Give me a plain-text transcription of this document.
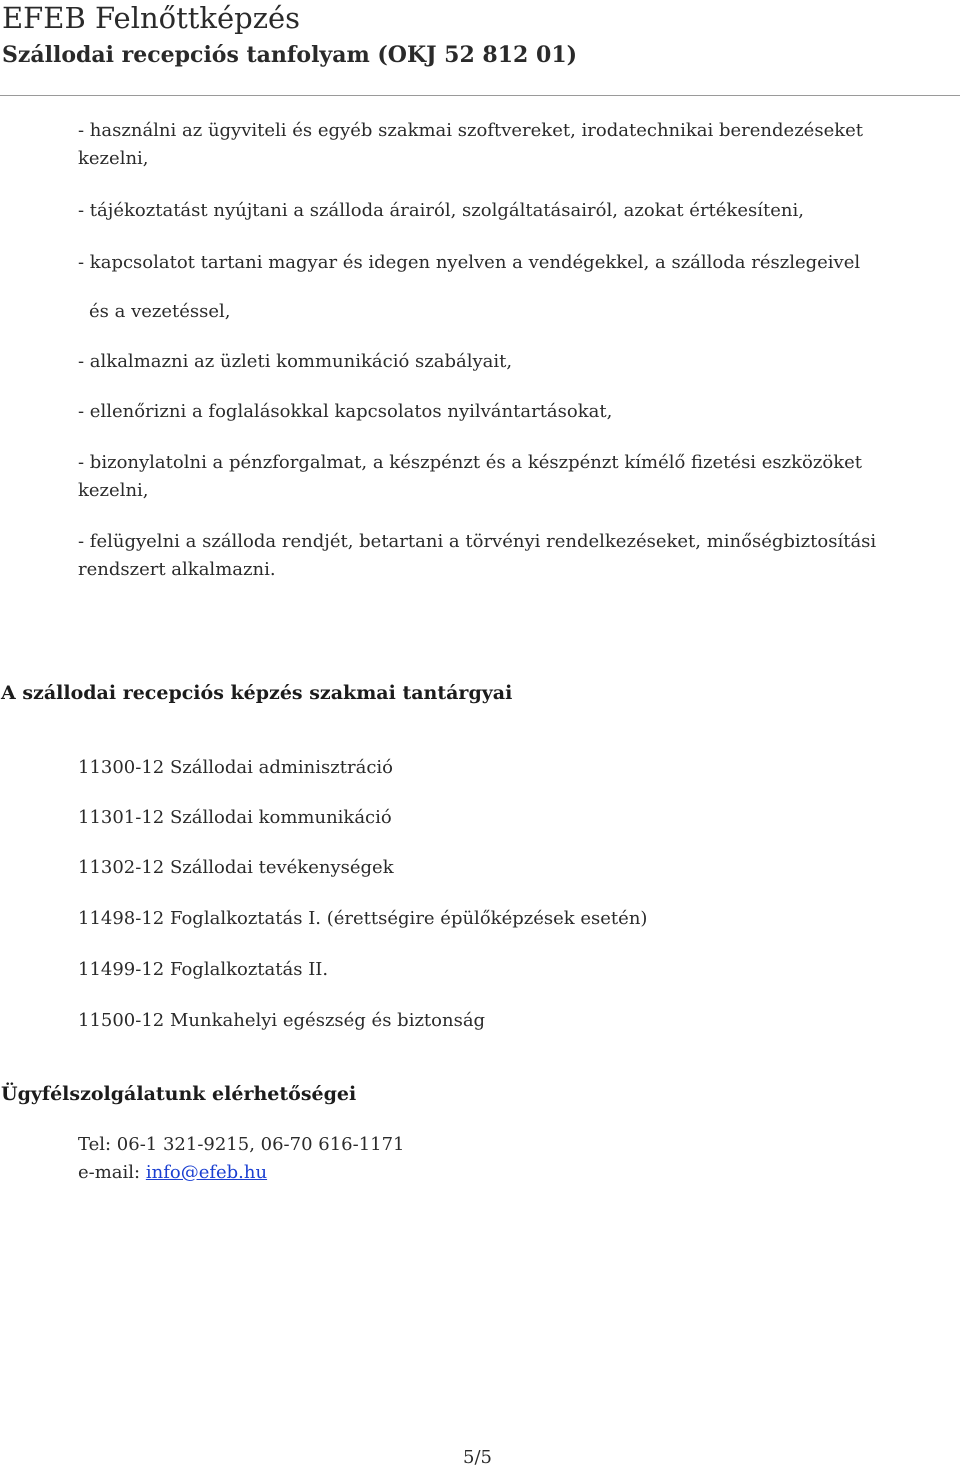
EFEB Felnőttképzés
Szállodai recepciós tanfolyam (OKJ 52 812 01)
- használni az ügyviteli és egyéb szakmai szoftvereket, irodatechnikai berendezéseket
kezelni,
- tájékoztatást nyújtani a szálloda árairól, szolgáltatásairól, azokat értékesíteni,
- kapcsolatot tartani magyar és idegen nyelven a vendégekkel, a szálloda részlegeivel
és a vezetéssel,
- alkalmazni az üzleti kommunikáció szabályait,
- ellenőrizni a foglalásokkal kapcsolatos nyilvántartásokat,
- bizonylatolni a pénzforgalmat, a készpénzt és a készpénzt kímélő fizetési eszközöket
kezelni,
- felügyelni a szálloda rendjét, betartani a törvényi rendelkezéseket, minőségbiztosítási
rendszert alkalmazni.
A szállodai recepciós képzés szakmai tantárgyai
11300-12 Szállodai adminisztráció
11301-12 Szállodai kommunikáció
11302-12 Szállodai tevékenységek
11498-12 Foglalkoztatás I. (érettségire épülőképzések esetén)
11499-12 Foglalkoztatás II.
11500-12 Munkahelyi egészség és biztonság
Ügyfélszolgálatunk elérhetőségei
Tel: 06-1 321-9215, 06-70 616-1171
e-mail: info@efeb.hu
5/5
